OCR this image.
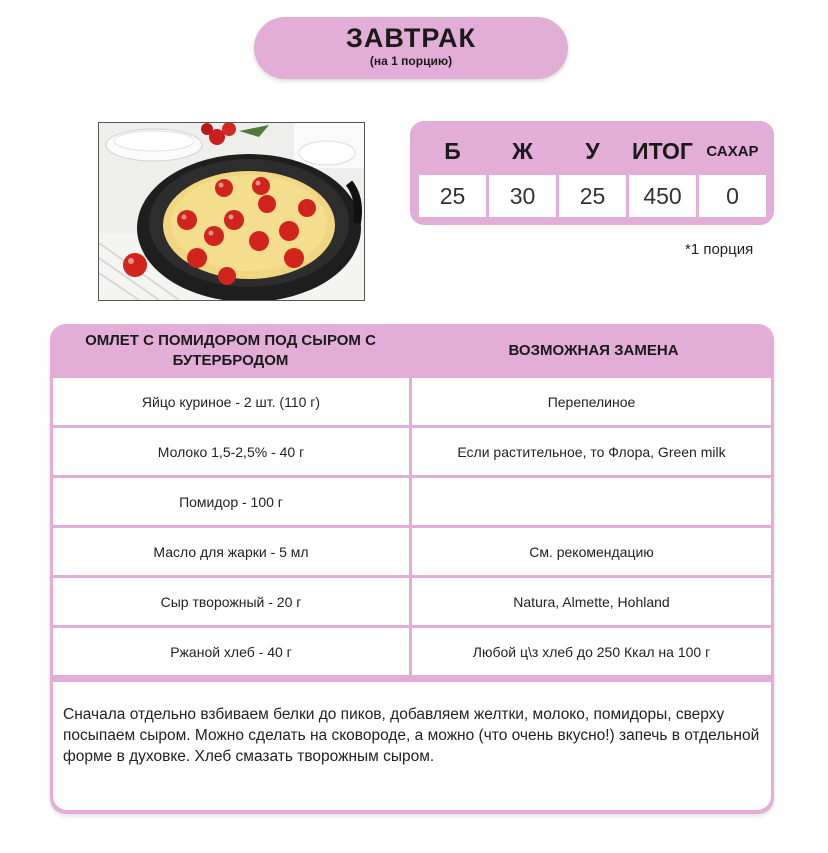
ЗАВТРАК
(на 1 порцию)
Б	Ж	У	ИТОГ	САХАР
25	30	25	450	0
*1 порция
ОМЛЕТ С ПОМИДОРОМ ПОД СЫРОМ С БУТЕРБРОДОМ
ВОЗМОЖНАЯ ЗАМЕНА
Яйцо куриное - 2 шт. (110 г)	Перепелиное
Молоко 1,5-2,5% - 40 г	Если растительное, то Флора, Green milk
Помидор - 100 г
Масло для жарки - 5 мл	См. рекомендацию
Сыр творожный - 20 г	Natura, Almette, Hohland
Ржаной хлеб - 40 г	Любой ц\з хлеб до 250 Ккал на 100 г

Сначала отдельно взбиваем белки до пиков, добавляем желтки, молоко, помидоры, сверху посыпаем сыром. Можно сделать на сковороде, а можно (что очень вкусно!) запечь в отдельной форме в духовке. Хлеб смазать творожным сыром.
